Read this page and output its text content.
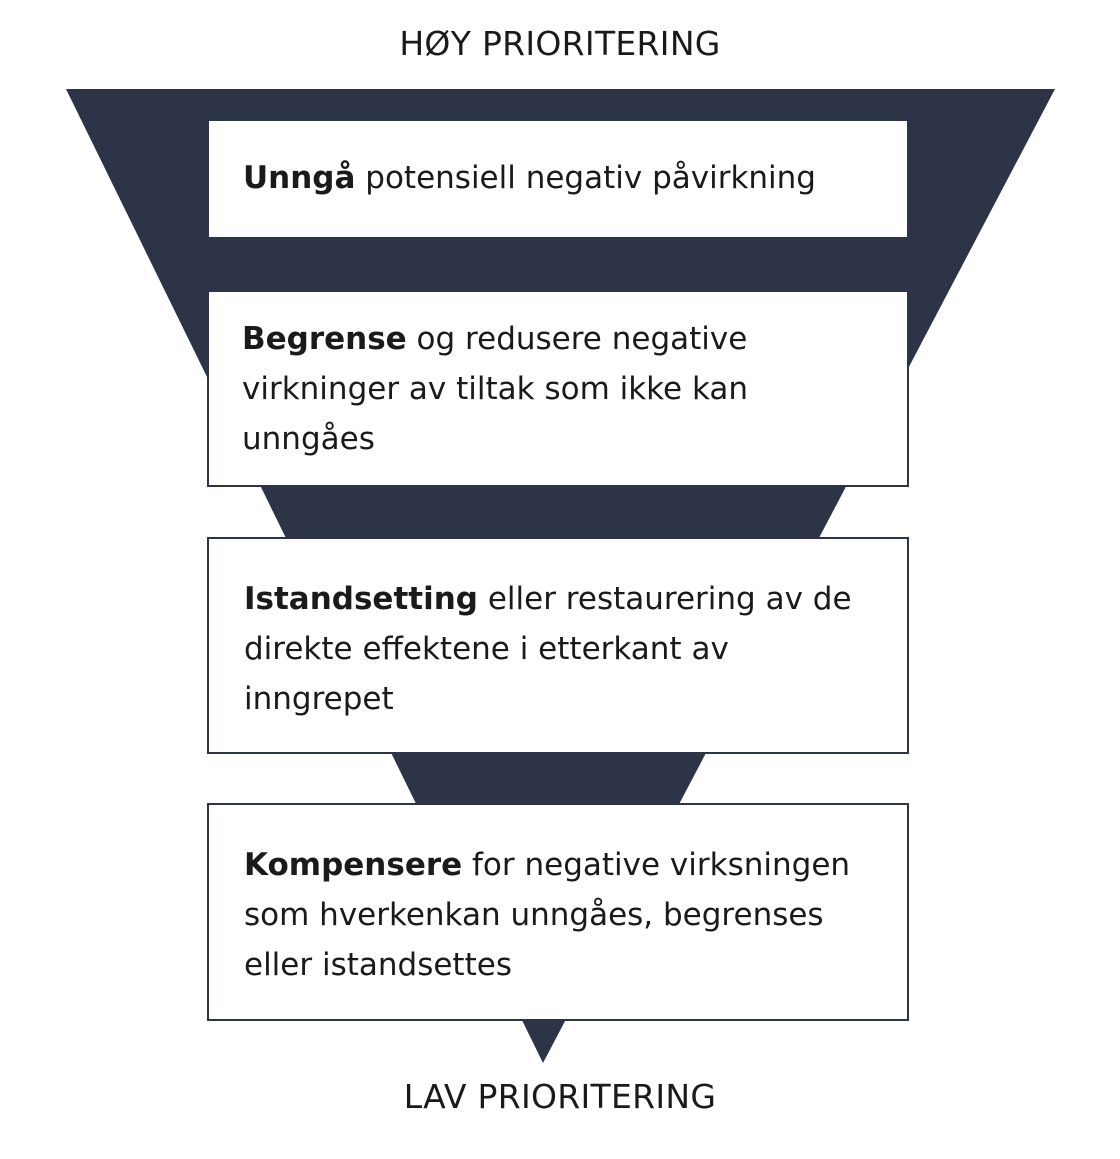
HØY PRIORITERING
Unngå potensiell negativ påvirkning
Begrense og redusere negative virkninger av tiltak som ikke kan unngåes
Istandsetting eller restaurering av de direkte effektene i etterkant av inngrepet
Kompensere for negative virksningen som hverkenkan unngåes, begrenses eller istandsettes
LAV PRIORITERING
